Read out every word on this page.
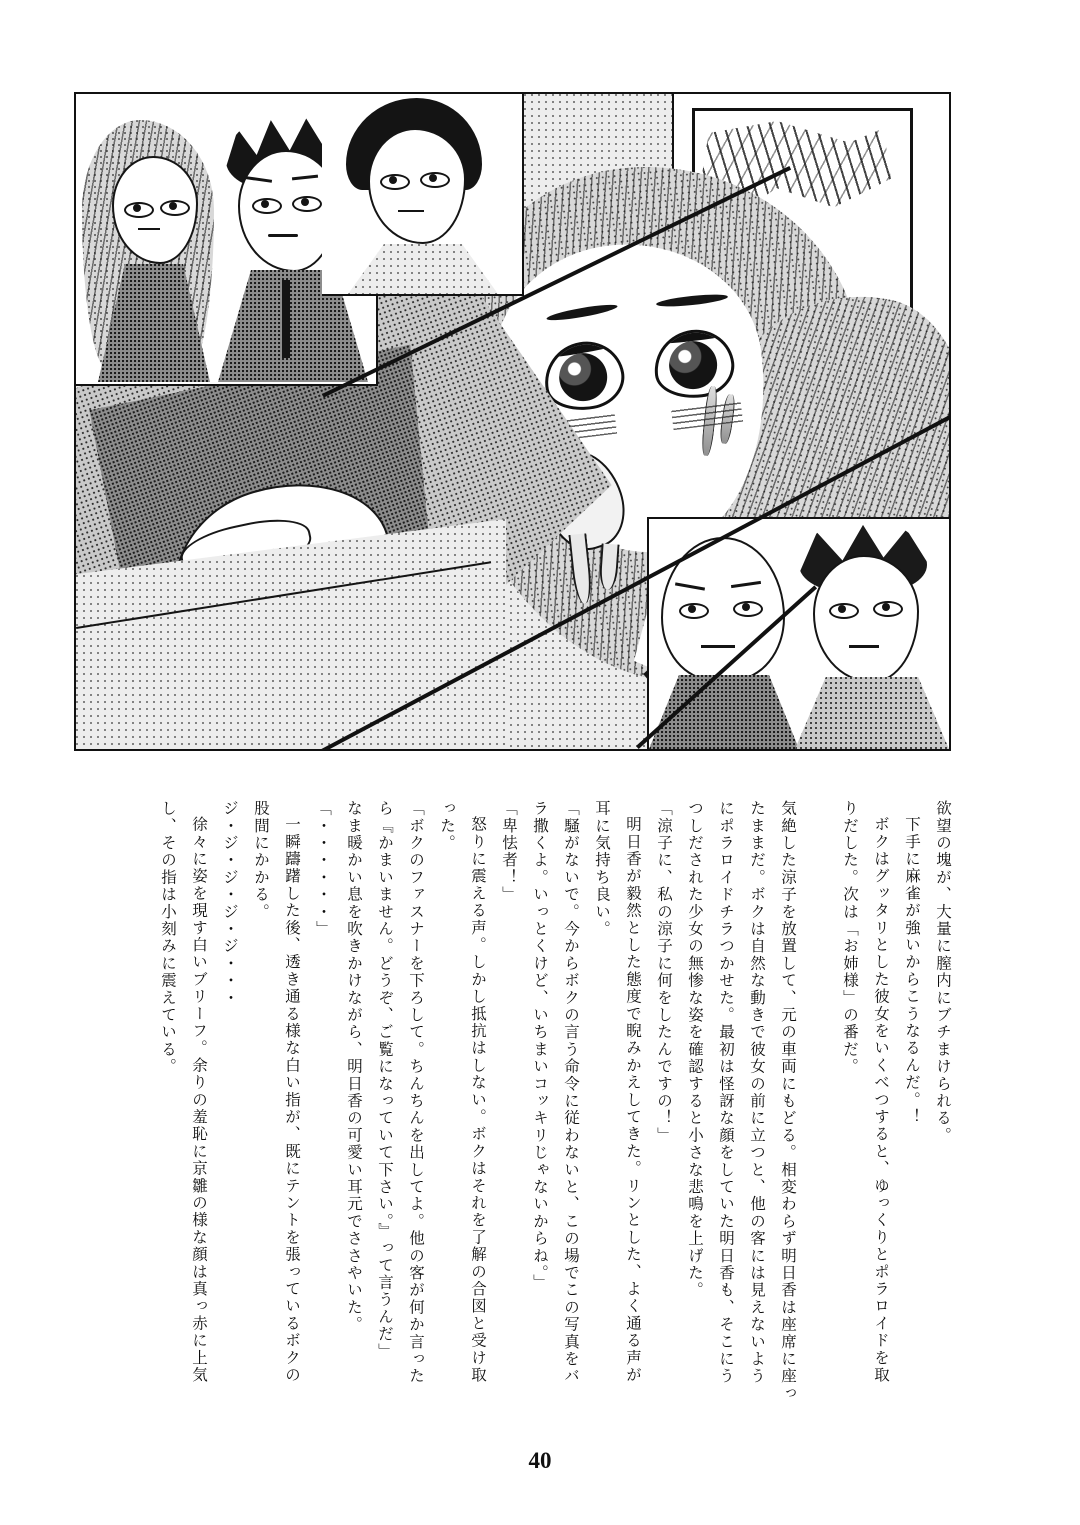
欲望の塊が、大量に膣内にブチまけられる。
下手に麻雀が強いからこうなるんだ。！
ボクはグッタリとした彼女をいくべつすると、ゆっくりとポラロイドを取
りだした。次は「お姉様」の番だ。
気絶した涼子を放置して、元の車両にもどる。相変わらず明日香は座席に座っ
たままだ。ボクは自然な動きで彼女の前に立つと、他の客には見えないよう
にポラロイドチラつかせた。最初は怪訝な顔をしていた明日香も、そこにう
つしだされた少女の無惨な姿を確認すると小さな悲鳴を上げた。
「涼子に、私の涼子に何をしたんですの！」
明日香が毅然とした態度で睨みかえしてきた。リンとした、よく通る声が
耳に気持ち良い。
「騒がないで。今からボクの言う命令に従わないと、この場でこの写真をバ
ラ撒くよ。いっとくけど、いちまいコッキリじゃないからね。」
「卑怯者！」
怒りに震える声。しかし抵抗はしない。ボクはそれを了解の合図と受け取
った。
「ボクのファスナーを下ろして。ちんちんを出してよ。他の客が何か言った
ら『かまいません。どうぞ、ご覧になっていて下さい。』って言うんだ」
なま暖かい息を吹きかけながら、明日香の可愛い耳元でささやいた。
「・・・・・・」
一瞬躊躇した後、透き通る様な白い指が、既にテントを張っているボクの
股間にかかる。
ジ・ジ・ジ・ジ・ジ・・・
徐々に姿を現す白いブリーフ。余りの羞恥に京雛の様な顔は真っ赤に上気
し、その指は小刻みに震えている。
40
